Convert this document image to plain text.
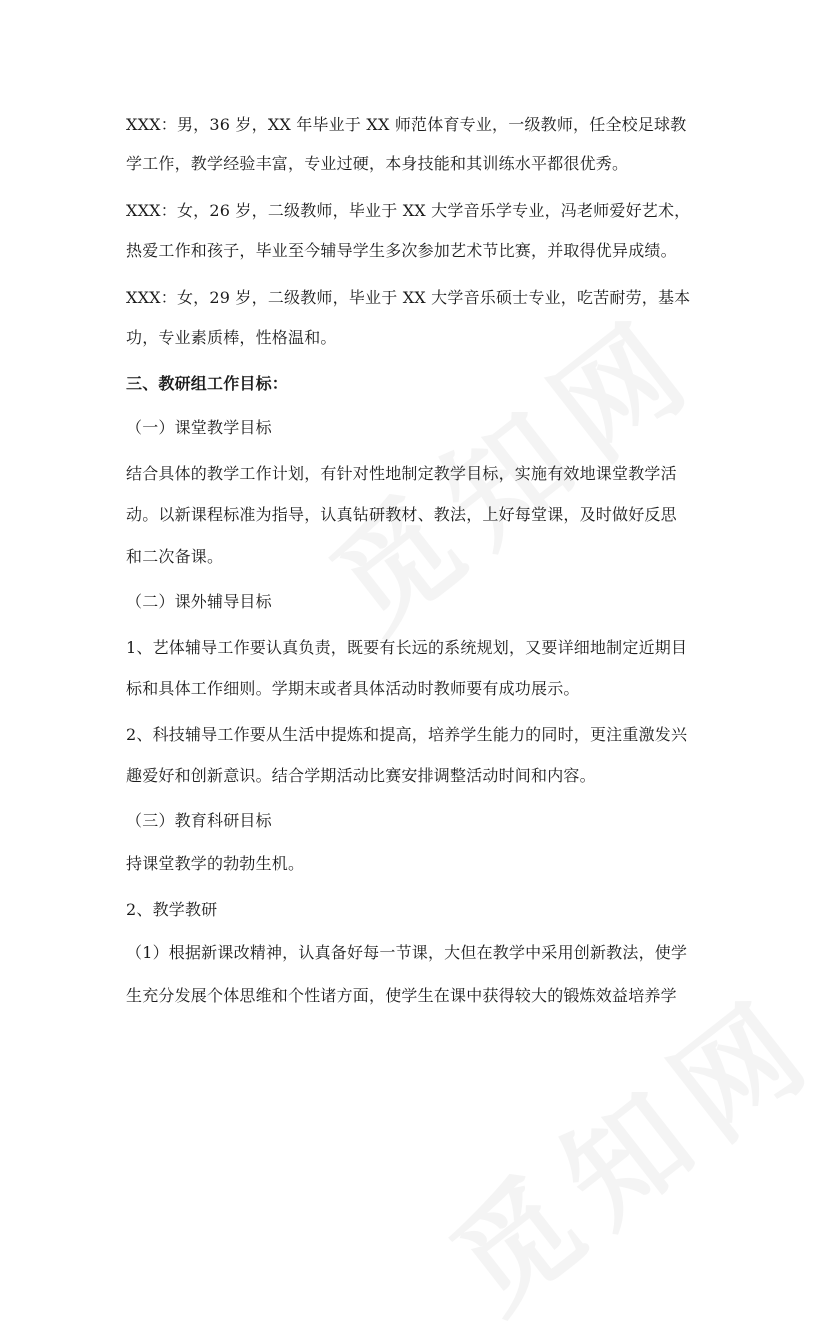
XXX：男，36 岁，XX 年毕业于 XX 师范体育专业，一级教师，任全校足球教
学工作，教学经验丰富，专业过硬，本身技能和其训练水平都很优秀。
XXX：女，26 岁，二级教师，毕业于 XX 大学音乐学专业，冯老师爱好艺术，
热爱工作和孩子，毕业至今辅导学生多次参加艺术节比赛，并取得优异成绩。
XXX：女，29 岁，二级教师，毕业于 XX 大学音乐硕士专业，吃苦耐劳，基本
功，专业素质棒，性格温和。
三、教研组工作目标：
（一）课堂教学目标
结合具体的教学工作计划，有针对性地制定教学目标，实施有效地课堂教学活
动。以新课程标准为指导，认真钻研教材、教法，上好每堂课，及时做好反思
和二次备课。
（二）课外辅导目标
1、艺体辅导工作要认真负责，既要有长远的系统规划，又要详细地制定近期目
标和具体工作细则。学期末或者具体活动时教师要有成功展示。
2、科技辅导工作要从生活中提炼和提高，培养学生能力的同时，更注重激发兴
趣爱好和创新意识。结合学期活动比赛安排调整活动时间和内容。
（三）教育科研目标
持课堂教学的勃勃生机。
2、教学教研
（1）根据新课改精神，认真备好每一节课，大但在教学中采用创新教法，使学
生充分发展个体思维和个性诸方面，使学生在课中获得较大的锻炼效益培养学
